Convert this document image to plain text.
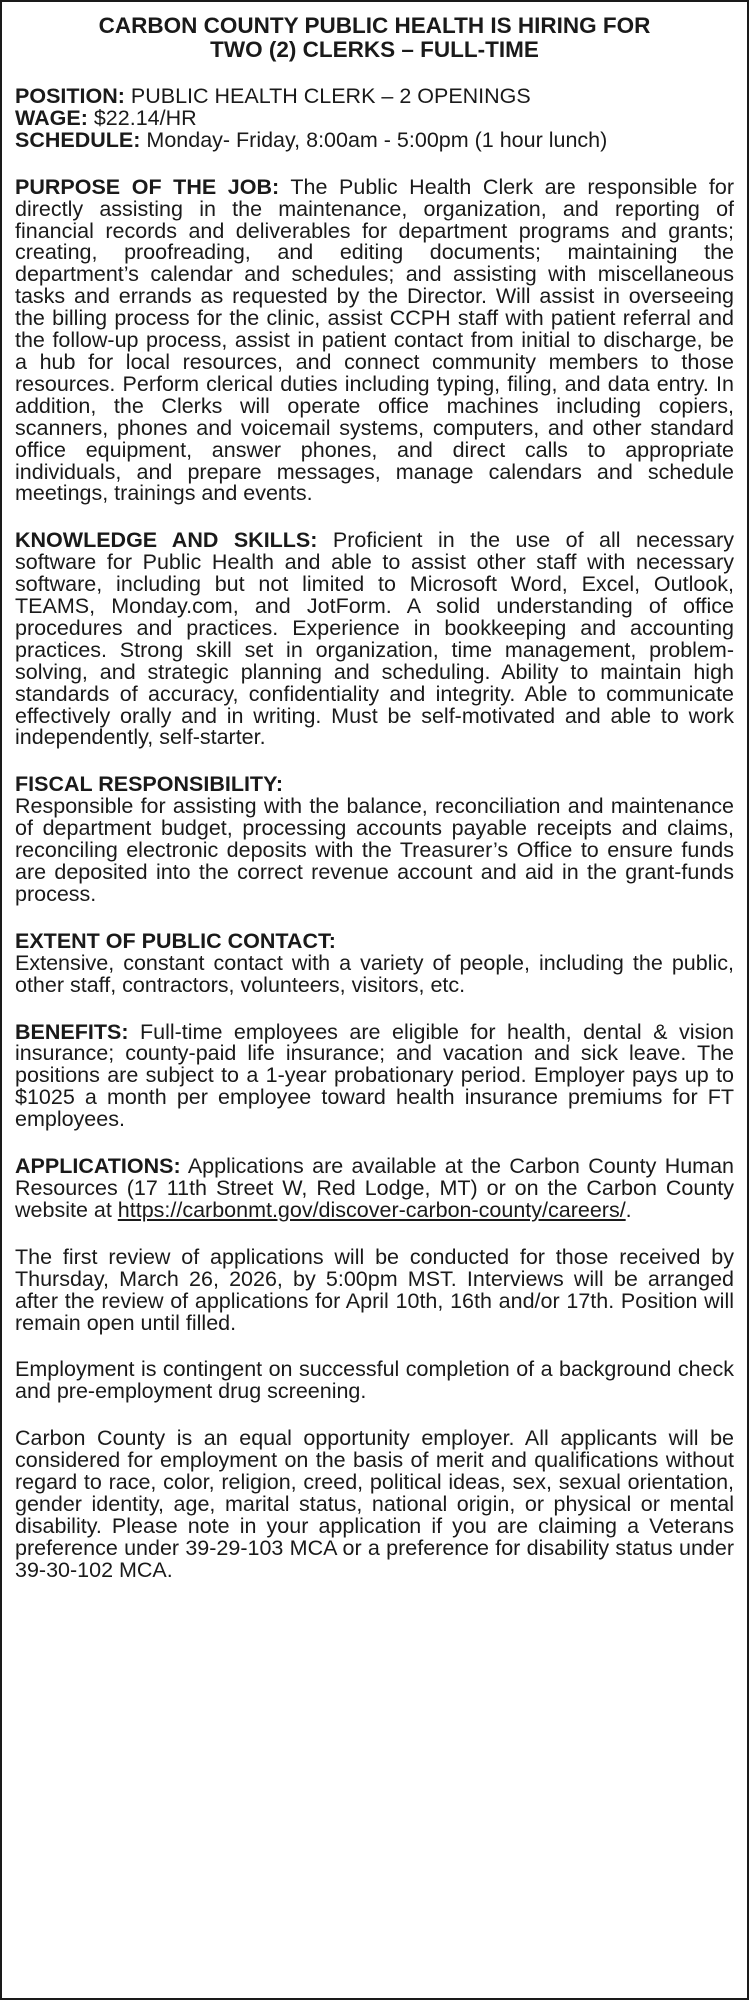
CARBON COUNTY PUBLIC HEALTH IS HIRING FOR
TWO (2) CLERKS – FULL-TIME
POSITION: PUBLIC HEALTH CLERK – 2 OPENINGS
WAGE: $22.14/HR
SCHEDULE: Monday- Friday, 8:00am - 5:00pm (1 hour lunch)

PURPOSE OF THE JOB: The Public Health Clerk are responsible for directly assisting in the maintenance, organization, and reporting of financial records and deliverables for department programs and grants; creating, proofreading, and editing documents; maintaining the department’s calendar and schedules; and assisting with miscellaneous tasks and errands as requested by the Director. Will assist in overseeing the billing process for the clinic, assist CCPH staff with patient referral and the follow-up process, assist in patient contact from initial to discharge, be a hub for local resources, and connect community members to those resources. Perform clerical duties including typing, filing, and data entry. In addition, the Clerks will operate office machines including copiers, scanners, phones and voicemail systems, computers, and other standard office equipment, answer phones, and direct calls to appropriate individuals, and prepare messages, manage calendars and schedule meetings, trainings and events.

KNOWLEDGE AND SKILLS: Proficient in the use of all necessary software for Public Health and able to assist other staff with necessary software, including but not limited to Microsoft Word, Excel, Outlook, TEAMS, Monday.com, and JotForm. A solid understanding of office procedures and practices. Experience in bookkeeping and accounting practices. Strong skill set in organization, time management, problem-solving, and strategic planning and scheduling. Ability to maintain high standards of accuracy, confidentiality and integrity. Able to communicate effectively orally and in writing. Must be self-motivated and able to work independently, self-starter.

FISCAL RESPONSIBILITY:
Responsible for assisting with the balance, reconciliation and maintenance of department budget, processing accounts payable receipts and claims, reconciling electronic deposits with the Treasurer’s Office to ensure funds are deposited into the correct revenue account and aid in the grant-funds process.

EXTENT OF PUBLIC CONTACT:
Extensive, constant contact with a variety of people, including the public, other staff, contractors, volunteers, visitors, etc.

BENEFITS: Full-time employees are eligible for health, dental & vision insurance; county-paid life insurance; and vacation and sick leave. The positions are subject to a 1-year probationary period. Employer pays up to $1025 a month per employee toward health insurance premiums for FT employees.

APPLICATIONS: Applications are available at the Carbon County Human Resources (17 11th Street W, Red Lodge, MT) or on the Carbon County website at https://carbonmt.gov/discover-carbon-county/careers/.

The first review of applications will be conducted for those received by Thursday, March 26, 2026, by 5:00pm MST. Interviews will be arranged after the review of applications for April 10th, 16th and/or 17th. Position will remain open until filled.

Employment is contingent on successful completion of a background check and pre-employment drug screening.

Carbon County is an equal opportunity employer. All applicants will be considered for employment on the basis of merit and qualifications without regard to race, color, religion, creed, political ideas, sex, sexual orientation, gender identity, age, marital status, national origin, or physical or mental disability. Please note in your application if you are claiming a Veterans preference under 39-29-103 MCA or a preference for disability status under 39-30-102 MCA.
